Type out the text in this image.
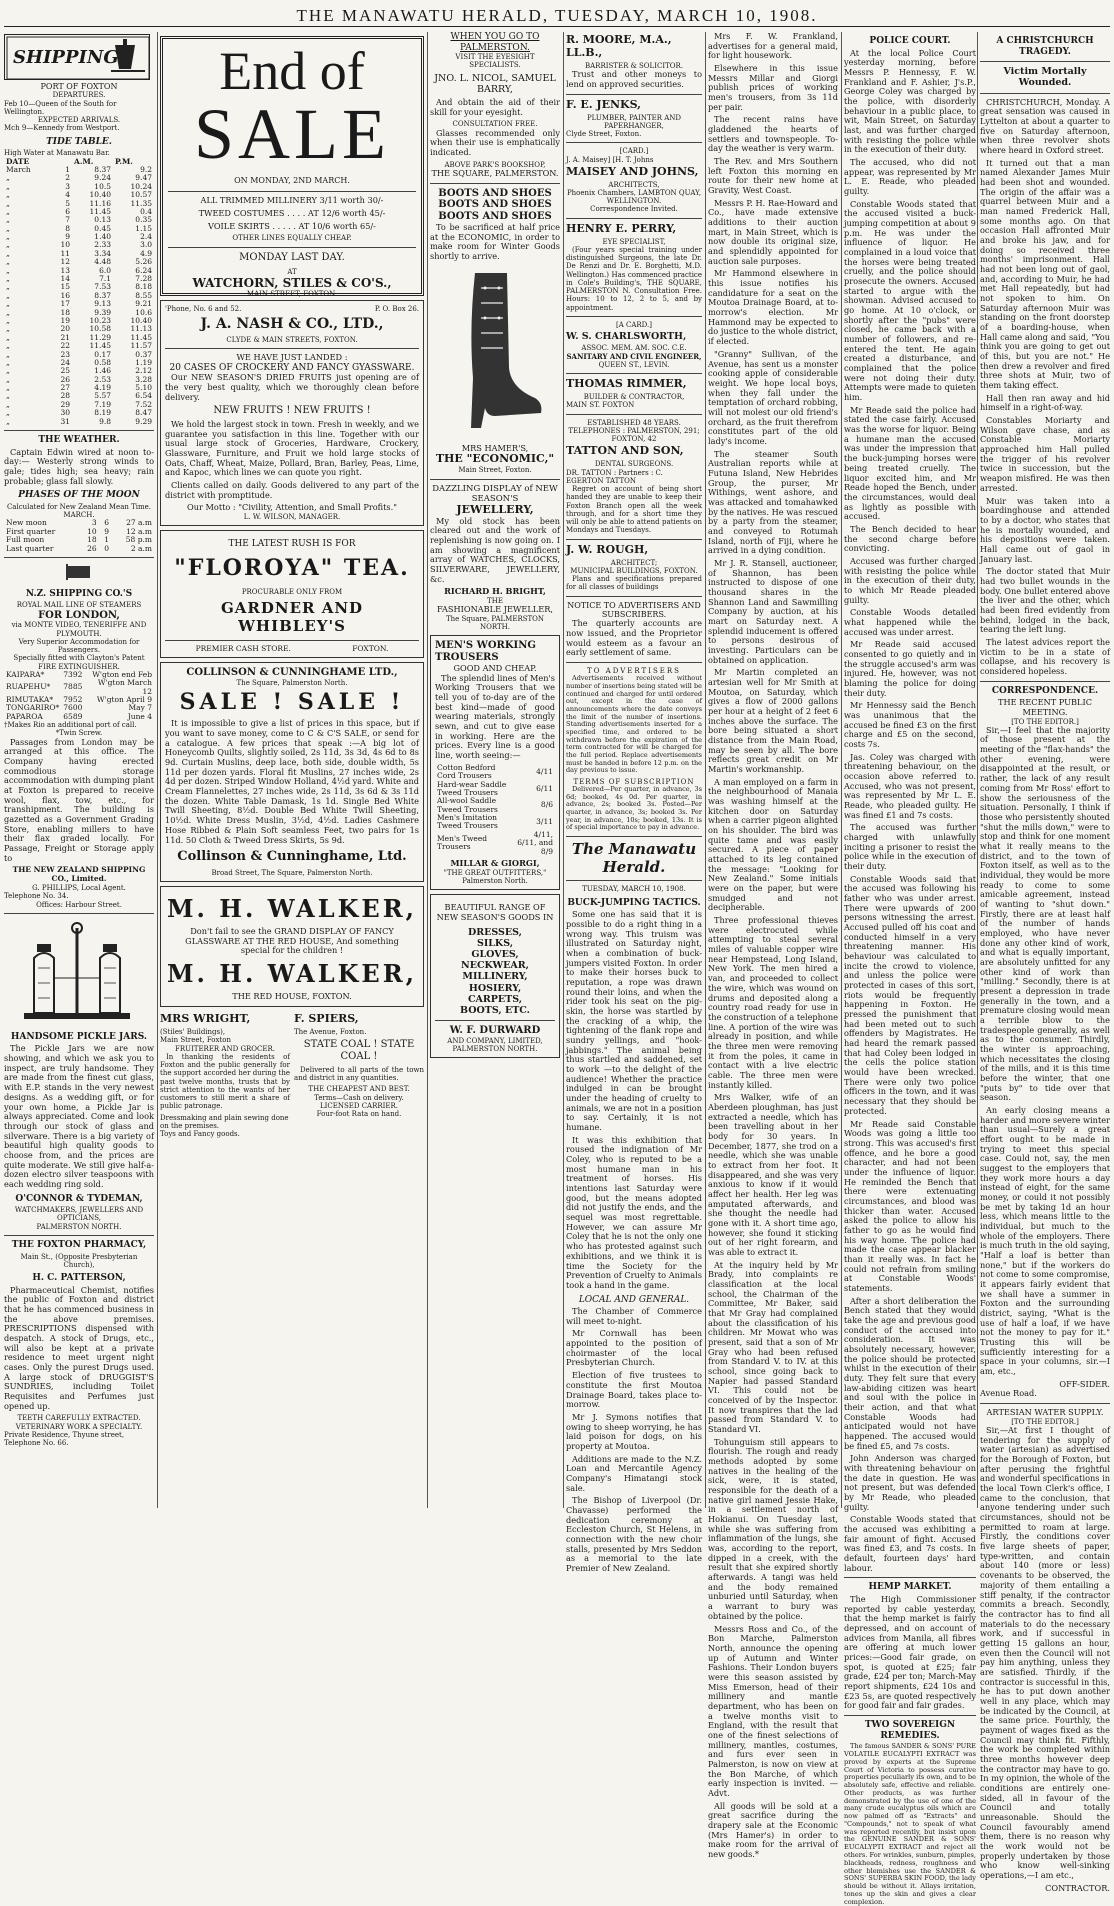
THE MANAWATU HERALD, TUESDAY, MARCH 10, 1908.
SHIPPING
PORT OF FOXTON
DEPARTURES.
Feb 10—Queen of the South for Wellington.
EXPECTED ARRIVALS.
Mch 9—Kennedy from Westport.
TIDE TABLE.
High Water at Manawatu Bar.
DATE		A.M.	P.M.
March	1	8.37	9.2
„	2	9.24	9.47
„	3	10.5	10.24
„	4	10.40	10.57
„	5	11.16	11.35
„	6	11.45	0.4
„	7	0.13	0.35
„	8	0.45	1.15
„	9	1.40	2.4
„	10	2.33	3.0
„	11	3.34	4.9
„	12	4.48	5.26
„	13	6.0	6.24
„	14	7.1	7.28
„	15	7.53	8.18
„	16	8.37	8.55
„	17	9.13	9.21
„	18	9.39	10.6
„	19	10.23	10.40
„	20	10.58	11.13
„	21	11.29	11.45
„	22	11.45	11.57
„	23	0.17	0.37
„	24	0.58	1.19
„	25	1.46	2.12
„	26	2.53	3.28
„	27	4.19	5.10
„	28	5.57	6.54
„	29	7.19	7.52
„	30	8.19	8.47
„	31	9.8	9.29
THE WEATHER.
Captain Edwin wired at noon to-day:— Westerly strong winds to gale; tides high; sea heavy; rain probable; glass fall slowly.
PHASES OF THE MOON
Calculated for New Zealand Mean Time.
MARCH.
New moon	3	6	27 a.m
First quarter	10	9	12 a.m
Full moon	18	1	58 p.m
Last quarter	26	0	2 a.m
N.Z. SHIPPING CO.'S
ROYAL MAIL LINE OF STEAMERS
FOR LONDON,
via MONTE VIDEO, TENERIFFE AND PLYMOUTH.
Very Superior Accommodation for Passengers.
Specially fitted with Clayton's Patent FIRE EXTINGUISHER.
KAIPARA*	7392	W'gton end Feb
RUAPEHU*	7885	W'gton March 12
RIMUTAKA*	7952	W'gton April 9
TONGARIRO*	7600	May 7
PAPAROA	6589	June 4
†Makes Rio an additional port of call.
*Twin Screw.
Passages from London may be arranged at this office. The Company having erected commodious storage accommodation with dumping plant at Foxton is prepared to receive wool, flax, tow, etc., for transhipment. The building is gazetted as a Government Grading Store, enabling millers to have their flax graded locally. For Passage, Freight or Storage apply to
THE NEW ZEALAND SHIPPING CO., Limited.
G. PHILLIPS, Local Agent.
Telephone No. 34.
Offices: Harbour Street.
HANDSOME PICKLE JARS.
The Pickle Jars we are now showing, and which we ask you to inspect, are truly handsome. They are made from the finest cut glass, with E.P. stands in the very newest designs. As a wedding gift, or for your own home, a Pickle Jar is always appreciated. Come and look through our stock of glass and silverware. There is a big variety of beautiful high quality goods to choose from, and the prices are quite moderate. We still give half-a-dozen electro silver teaspoons with each wedding ring sold.
O'CONNOR & TYDEMAN,
WATCHMAKERS, JEWELLERS AND OPTICIANS,
PALMERSTON NORTH.
THE FOXTON PHARMACY,
Main St., (Opposite Presbyterian Church),
H. C. PATTERSON,
Pharmaceutical Chemist, notifies the public of Foxton and district that he has commenced business in the above premises. PRESCRIPTIONS dispensed with despatch. A stock of Drugs, etc., will also be kept at a private residence to meet urgent night cases. Only the purest Drugs used. A large stock of DRUGGIST'S SUNDRIES, including Toilet Requisites and Perfumes just opened up.
TEETH CAREFULLY EXTRACTED.
VETERINARY WORK A SPECIALTY.
Private Residence, Thyune street, Telephone No. 66.
End of
SALE
ON MONDAY, 2ND MARCH.
ALL TRIMMED MILLINERY 3/11 worth 30/-
TWEED COSTUMES . . . . AT 12/6 worth 45/-
VOILE SKIRTS . . . . . AT 10/6 worth 65/-
OTHER LINES EQUALLY CHEAP.
MONDAY LAST DAY.
AT
WATCHORN, STILES & CO'S.,
MAIN STREET, FOXTON.
'Phone, No. 6 and 52.	P. O. Box 26.
J. A. NASH & CO., LTD.,
CLYDE & MAIN STREETS, FOXTON.
WE HAVE JUST LANDED :
20 CASES OF CROCKERY AND FANCY GYASSWARE.
Our NEW SEASON'S DRIED FRUITS just opening are of the very best quality, which we thoroughly clean before delivery.
NEW FRUITS ! NEW FRUITS !
We hold the largest stock in town. Fresh in weekly, and we guarantee you satisfaction in this line. Together with our usual large stock of Groceries, Hardware, Crockery, Glassware, Furniture, and Fruit we hold large stocks of Oats, Chaff, Wheat, Maize, Pollard, Bran, Barley, Peas, Lime, and Kapoc, which lines we can quote you right.
Clients called on daily. Goods delivered to any part of the district with promptitude.
Our Motto : "Civility, Attention, and Small Profits."
L. W. WILSON, MANAGER.
THE LATEST RUSH IS FOR
"FLOROYA" TEA.
PROCURABLE ONLY FROM
GARDNER AND WHIBLEY'S
PREMIER CASH STORE.	FOXTON.
COLLINSON & CUNNINGHAME LTD.,
The Square, Palmerston North.
SALE ! SALE !
It is impossible to give a list of prices in this space, but if you want to save money, come to C & C'S SALE, or send for a catalogue. A few prices that speak :—A big lot of Honeycomb Quilts, slightly soiled, 2s 11d, 3s 3d, 4s 6d to 8s 9d. Curtain Muslins, deep lace, both side, double width, 5s 11d per dozen yards. Floral fit Muslins, 27 inches wide, 2s 4d per dozen. Striped Window Holland, 4½d yard. White and Cream Flannelettes, 27 inches wide, 2s 11d, 3s 6d & 3s 11d the dozen. White Table Damask, 1s 1d. Single Bed White Twill Sheeting, 8½d. Double Bed White Twill Sheeting, 10½d. White Dress Muslin, 3½d, 4½d. Ladies Cashmere Hose Ribbed & Plain Soft seamless Feet, two pairs for 1s 11d. 50 Cloth & Tweed Dress Skirts, 5s 9d.
Collinson & Cunninghame, Ltd.
Broad Street, The Square, Palmerston North.
M. H. WALKER,
Don't fail to see the GRAND DISPLAY OF FANCY GLASSWARE AT THE RED HOUSE, And something special for the children !
M. H. WALKER,
THE RED HOUSE, FOXTON.
MRS WRIGHT,
(Stiles' Buildings),
Main Street, Foxton
FRUITERER AND GROCER.
In thanking the residents of Foxton and the public generally for the support accorded her during the past twelve months, trusts that by strict attention to the wants of her customers to still merit a share of public patronage.
Dressmaking and plain sewing done on the premises.
Toys and Fancy goods.
F. SPIERS,
The Avenue, Foxton.
STATE COAL ! STATE COAL !
Delivered to all parts of the town and district in any quantities.
THE CHEAPEST AND BEST.
Terms—Cash on delivery.
LICENSED CARRIER.
Four-foot Rata on hand.
WHEN YOU GO TO PALMERSTON.
VISIT THE EYESIGHT SPECIALISTS.
JNO. L. NICOL, SAMUEL BARRY,
And obtain the aid of their skill for your eyesight.
CONSULTATION FREE.
Glasses recommended only when their use is emphatically indicated.
ABOVE PARK'S BOOKSHOP,
THE SQUARE, PALMERSTON.
BOOTS AND SHOES
BOOTS AND SHOES
BOOTS AND SHOES
To be sacrificed at half price at the ECONOMIC, in order to make room for Winter Goods shortly to arrive.
MRS HAMER'S,
THE "ECONOMIC,"
Main Street, Foxton.
DAZZLING DISPLAY of NEW SEASON'S
JEWELLERY,
My old stock has been cleared out and the work of replenishing is now going on. I am showing a magnificent array of WATCHES, CLOCKS, SILVERWARE, JEWELLERY, &c.
RICHARD H. BRIGHT,
THE
FASHIONABLE JEWELLER,
The Square, PALMERSTON NORTH.
MEN'S WORKING TROUSERS
GOOD AND CHEAP.
The splendid lines of Men's Working Trousers that we tell you of to-day are of the best kind—made of good wearing materials, strongly sewn, and cut to give ease in working. Here are the prices. Every line is a good line, worth seeing:—
Cotton Bedford Cord Trousers	4/11
Hard-wear Saddle Tweed Trousers	6/11
All-wool Saddle Tweed Trousers	8/6
Men's Imitation Tweed Trousers	3/11
Men's Tweed Trousers	4/11, 6/11, and 8/9
MILLAR & GIORGI,
"THE GREAT OUTFITTERS,"
Palmerston North.
BEAUTIFUL RANGE OF NEW SEASON'S GOODS IN
DRESSES,
SILKS,
GLOVES,
NECKWEAR,
MILLINERY,
HOSIERY,
CARPETS,
BOOTS, ETC.
W. F. DURWARD
AND COMPANY, LIMITED,
PALMERSTON NORTH.
R. MOORE, M.A., LL.B.,
BARRISTER & SOLICITOR.
Trust and other moneys to lend on approved securities.
F. E. JENKS,
PLUMBER, PAINTER AND PAPERHANGER,
Clyde Street, Foxton.
[CARD.]
J. A. Maisey] [H. T. Johns
MAISEY AND JOHNS,
ARCHITECTS,
Phoenix Chambers, LAMBTON QUAY, WELLINGTON.
Correspondence Invited.
HENRY E. PERRY,
EYE SPECIALIST,
(Four years special training under distinguished Surgeons, the late Dr. De Renzi and Dr. E. Borghetti, M.D. Wellington.) Has commenced practice in Cole's Building's, THE SQUARE, PALMERSTON N. Consultation Free. Hours: 10 to 12, 2 to 5, and by appointment.
[A CARD.]
W. S. CHARLSWORTH,
ASSOC. MEM. AM. SOC. C.E.
SANITARY AND CIVIL ENGINEER,
QUEEN ST., LEVIN.
THOMAS RIMMER,
BUILDER & CONTRACTOR,
MAIN ST. FOXTON
ESTABLISHED 48 YEARS.
TELEPHONES : PALMERSTON, 291; FOXTON, 42
TATTON AND SON,
DENTAL SURGEONS.
DR. TATTON : Partners : C. EGERTON TATTON
Regret on account of being short handed they are unable to keep their Foxton Branch open all the week through, and for a short time they will only be able to attend patients on Mondays and Tuesdays.
J. W. ROUGH,
ARCHITECT;
MUNICIPAL BUILDINGS, FOXTON.
Plans and specifications prepared for all classes of buildings
NOTICE TO ADVERTISERS AND SUBSCRIBERS.
The quarterly accounts are now issued, and the Proprietor would esteem as a favour an early settlement of same.
TO ADVERTISERS
Advertisements received without number of insertions being stated will be continued and charged for until ordered out, except in the case of announcements where the date conveys the limit of the number of insertions. Standing advertisements inserted for a specified time, and ordered to be withdrawn before the expiration of the term contracted for will be charged for the full period. Replace advertisements must be handed in before 12 p.m. on the day previous to issue.
TERMS OF SUBSCRIPTION
Delivered—Per quarter, in advance, 3s 6d; booked, 4s 0d. Per quarter, in advance, 2s; booked 3s. Posted—Per quarter, in advance, 3s; booked 3s. Per year, in advance, 10s; booked, 13s. It is of special importance to pay in advance.
The Manawatu Herald.
TUESDAY, MARCH 10, 1908.
BUCK-JUMPING TACTICS.
Some one has said that it is possible to do a right thing in a wrong way. This truism was illustrated on Saturday night, when a combination of buck-jumpers visited Foxton. In order to make their horses buck to reputation, a rope was drawn round their loins, and when the rider took his seat on the pig-skin, the horse was startled by the cracking of a whip, the tightening of the flank rope and sundry yellings, and "hook-jabbings." The animal being thus startled and saddened, set to work —to the delight of the audience! Whether the practice indulged in can be brought under the heading of cruelty to animals, we are not in a position to say. Certainly, it is not humane.
It was this exhibition that roused the indignation of Mr Coley, who is reputed to be a most humane man in his treatment of horses. His intentions last Saturday were good, but the means adopted did not justify the ends, and the sequel was most regrettable. However, we can assure Mr Coley that he is not the only one who has protested against such exhibitions, and we think it is time the Society for the Prevention of Cruelty to Animals took a hand in the game.
LOCAL AND GENERAL.
The Chamber of Commerce will meet to-night.
Mr Cornwall has been appointed to the position of choirmaster of the local Presbyterian Church.
Election of five trustees to constitute the first Moutoa Drainage Board, takes place to-morrow.
Mr J. Symons notifies that owing to sheep worrying, he has laid poison for dogs, on his property at Moutoa.
Additions are made to the N.Z. Loan and Mercantile Agency Company's Himatangi stock sale.
The Bishop of Liverpool (Dr. Chavasse) performed the dedication ceremony at Eccleston Church, St Helens, in connection with the new choir stalls, presented by Mrs Seddon as a memorial to the late Premier of New Zealand.
Mrs F. W. Frankland, advertises for a general maid, for light housework.
Elsewhere in this issue Messrs Millar and Giorgi publish prices of working men's trousers, from 3s 11d per pair.
The recent rains have gladdened the hearts of settlers and townspeople. To-day the weather is very warm.
The Rev. and Mrs Southern left Foxton this morning en route for their new home at Gravity, West Coast.
Messrs P. H. Rae-Howard and Co., have made extensive additions to their auction mart, in Main Street, which is now double its original size, and splendidly appointed for auction sale purposes.
Mr Hammond elsewhere in this issue notifies his candidature for a seat on the Moutoa Drainage Board, at to-morrow's election. Mr Hammond may be expected to do justice to the whole district, if elected.
"Granny" Sullivan, of the Avenue, has sent us a monster cooking apple of considerable weight. We hope local boys, when they fall under the temptation of orchard robbing, will not molest our old friend's orchard, as the fruit therefrom constitutes part of the old lady's income.
The steamer South Australian reports while at Futuna Island, New Hebrides Group, the purser, Mr Withings, went ashore, and was attacked and tomahawked by the natives. He was rescued by a party from the steamer, and conveyed to Rotumah Island, north of Fiji, where he arrived in a dying condition.
Mr J. R. Stansell, auctioneer, of Shannon, has been instructed to dispose of one thousand shares in the Shannon Land and Sawmilling Company by auction, at his mart on Saturday next. A splendid inducement is offered to persons desirous of investing. Particulars can be obtained on application.
Mr Martin completed an artesian well for Mr Smith at Moutoa, on Saturday, which gives a flow of 2000 gallons per hour at a height of 2 feet 6 inches above the surface. The bore being situated a short distance from the Main Road, may be seen by all. The bore reflects great credit on Mr Martin's workmanship.
A man employed on a farm in the neighbourhood of Manaia was washing himself at the kitchen door on Saturday when a carrier pigeon alighted on his shoulder. The bird was quite tame and was easily secured. A piece of paper attached to its leg contained the message: "Looking for New Zealand." Some initials were on the paper, but were smudged and not decipherable.
Three professional thieves were electrocuted while attempting to steal several miles of valuable copper wire near Hempstead, Long Island, New York. The men hired a van, and proceeded to collect the wire, which was wound on drums and deposited along a country road ready for use in the construction of a telephone line. A portion of the wire was already in position, and while the three men were removing it from the poles, it came in contact with a live electric cable. The three men were instantly killed.
Mrs Walker, wife of an Aberdeen ploughman, has just extracted a needle, which has been travelling about in her body for 30 years. In December, 1877, she trod on a needle, which she was unable to extract from her foot. It disappeared, and she was very anxious to know if it would affect her health. Her leg was amputated afterwards, and she thought the needle had gone with it. A short time ago, however, she found it sticking out of her right forearm, and was able to extract it.
At the inquiry held by Mr Brady, into complaints re classification at the local school, the Chairman of the Committee, Mr Baker, said that Mr Gray had complained about the classification of his children. Mr Mowat who was present, said that a son of Mr Gray who had been refused from Standard V. to IV. at this school, since going back to Napier had passed Standard VI. This could not be conceived of by the Inspector. It now transpires that the lad passed from Standard V. to Standard VI.
Tohunguism still appears to flourish. The rough and ready methods adopted by some natives in the healing of the sick, were, it is stated, responsible for the death of a native girl named Jessie Hake, in a settlement north of Hokianui. On Tuesday last, while she was suffering from inflammation of the lungs, she was, according to the report, dipped in a creek, with the result that she expired shortly afterwards. A tangi was held and the body remained unburied until Saturday, when a warrant to bury was obtained by the police.
Messrs Ross and Co., of the Bon Marche, Palmerston North, announce the opening up of Autumn and Winter Fashions. Their London buyers were this season assisted by Miss Emerson, head of their millinery and mantle department, who has been on a twelve months visit to England, with the result that one of the finest selections of millinery, mantles, costumes, and furs ever seen in Palmerston, is now on view at the Bon Marche, of which early inspection is invited. —Advt.
All goods will be sold at a great sacrifice during the drapery sale at the Economic (Mrs Hamer's) in order to make room for the arrival of new goods.*
POLICE COURT.
At the local Police Court yesterday morning, before Messrs P. Hennessy, F. W. Frankland and F. Ashier, J's.P., George Coley was charged by the police, with disorderly behaviour in a public place, to wit, Main Street, on Saturday last, and was further charged with resisting the police while in the execution of their duty.
The accused, who did not appear, was represented by Mr L. E. Reade, who pleaded guilty.
Constable Woods stated that the accused visited a buck-jumping competition at about 9 p.m. He was under the influence of liquor. He complained in a loud voice that the horses were being treated cruelly, and the police should prosecute the owners. Accused started to argue with the showman. Advised accused to go home. At 10 o'clock, or shortly after the "pubs" were closed, he came back with a number of followers, and re-entered the tent. He again created a disturbance, and complained that the police were not doing their duty. Attempts were made to quieten him.
Mr Reade said the police had stated the case fairly. Accused was the worse for liquor. Being a humane man the accused was under the impression that the buck-jumping horses were being treated cruelly. The liquor excited him, and Mr Reade hoped the Bench, under the circumstances, would deal as lightly as possible with accused.
The Bench decided to hear the second charge before convicting.
Accused was further charged with resisting the police while in the execution of their duty, to which Mr Reade pleaded guilty.
Constable Woods detailed what happened while the accused was under arrest.
Mr Reade said accused consented to go quietly and in the struggle accused's arm was injured. He, however, was not blaming the police for doing their duty.
Mr Hennessy said the Bench was unanimous that the accused be fined £3 on the first charge and £5 on the second, costs 7s.
Jas. Coley was charged with threatening behaviour, on the occasion above referred to. Accused, who was not present, was represented by Mr L. E. Reade, who pleaded guilty. He was fined £1 and 7s costs.
The accused was further charged with unlawfully inciting a prisoner to resist the police while in the execution of their duty.
Constable Woods said that the accused was following his father who was under arrest. There were upwards of 200 persons witnessing the arrest. Accused pulled off his coat and conducted himself in a very threatening manner. His behaviour was calculated to incite the crowd to violence, and unless the police were protected in cases of this sort, riots would be frequently happening in Foxton. He pressed the punishment that had been meted out to such offenders by Magistrates. He had heard the remark passed that had Coley been lodged in the cells the police station would have been wrecked. There were only two police officers in the town, and it was necessary that they should be protected.
Mr Reade said Constable Woods was going a little too strong. This was accused's first offence, and he bore a good character, and had not been under the influence of liquor. He reminded the Bench that there were extenuating circumstances, and blood was thicker than water. Accused asked the police to allow his father to go as he would find his way home. The police had made the case appear blacker than it really was. In fact he could not refrain from smiling at Constable Woods' statements.
After a short deliberation the Bench stated that they would take the age and previous good conduct of the accused into consideration. It was absolutely necessary, however, the police should be protected whilst in the execution of their duty. They felt sure that every law-abiding citizen was heart and soul with the police in their action, and that what Constable Woods had anticipated would not have happened. The accused would be fined £5, and 7s costs.
John Anderson was charged with threatening behaviour on the date in question. He was not present, but was defended by Mr Reade, who pleaded guilty.
Constable Woods stated that the accused was exhibiting a fair amount of fight. Accused was fined £3, and 7s costs. In default, fourteen days' hard labour.
HEMP MARKET.
The High Commissioner reported by cable yesterday, that the hemp market is fairly depressed, and on account of advices from Manila, all fibres are offering at much lower prices:—Good fair grade, on spot, is quoted at £25; fair grade, £24 per ton; March-May report shipments, £24 10s and £23 5s, are quoted respectively for good fair and fair grades.
TWO SOVEREIGN REMEDIES.
The famous SANDER & SONS' PURE VOLATILE EUCALYPTI EXTRACT was proved by experts at the Supreme Court of Victoria to possess curative properties peculiarly its own, and to be absolutely safe, effective and reliable. Other products, as was further demonstrated by the use of one of the many crude eucalyptus oils which are now palmed off as "Extracts" and "Compounds," not to speak of what was reported recently, but insist upon the GENUINE SANDER & SONS' EUCALYPTI EXTRACT and reject all others. For wrinkles, sunburn, pimples, blackheads, redness, roughness and other blemishes use the SANDER & SONS' SUPERBA SKIN FOOD, the lady should be without it. Allays irritation, tones up the skin and gives a clear complexion.
A CHRISTCHURCH TRAGEDY.
Victim Mortally Wounded.
CHRISTCHURCH, Monday. A great sensation was caused in Lyttelton at about a quarter to five on Saturday afternoon, when three revolver shots where heard in Oxford street.
It turned out that a man named Alexander James Muir had been shot and wounded. The origin of the affair was a quarrel between Muir and a man named Frederick Hall, some months ago. On that occasion Hall affronted Muir and broke his jaw, and for doing so received three months' imprisonment. Hall had not been long out of gaol, and, according to Muir, he had met Hall repeatedly, but had not spoken to him. On Saturday afternoon Muir was standing on the front doorstep of a boarding-house, when Hall came along and said, "You think you are going to get out of this, but you are not." He then drew a revolver and fired three shots at Muir, two of them taking effect.
Hall then ran away and hid himself in a right-of-way.
Constables Moriarty and Wilson gave chase, and as Constable Moriarty approached him Hall pulled the trigger of his revolver twice in succession, but the weapon misfired. He was then arrested.
Muir was taken into a boardinghouse and attended to by a doctor, who states that he is mortally wounded, and his depositions were taken. Hall came out of gaol in January last.
The doctor stated that Muir had two bullet wounds in the body. One bullet entered above the liver and the other, which had been fired evidently from behind, lodged in the back, tearing the left lung.
The latest advices report the victim to be in a state of collapse, and his recovery is considered hopeless.
CORRESPONDENCE.
THE RECENT PUBLIC MEETING.
[TO THE EDITOR.]
Sir,—I feel that the majority of those present at the meeting of the "flax-hands" the other evening, were disappointed at the result, or rather, the lack of any result coming from Mr Ross' effort to show the seriousness of the situation. Personally, I think if those who persistently shouted "shut the mills down," were to stop and think for one moment what it really means to the district, and to the town of Foxton itself, as well as to the individual, they would be more ready to come to some amicable agreement, instead of wanting to "shut down." Firstly, there are at least half of the number of hands employed, who have never done any other kind of work, and what is equally important, are absolutely unfitted for any other kind of work than "milling." Secondly, there is at present a depression in trade generally in the town, and a premature closing would mean a terrible blow to the tradespeople generally, as well as to the consumer. Thirdly, the winter is approaching, which necessitates the closing of the mills, and it is this time before the winter, that one "puts by" to tide over that season.
An early closing means a harder and more severe winter than usual—Surely a great effort ought to be made in trying to meet this special case. Could not, say, the men suggest to the employers that they work more hours a day instead of eight, for the same money, or could it not possibly be met by taking 1d an hour less, which means little to the individual, but much to the whole of the employers. There is much truth in the old saying, "Half a loaf is better than none," but if the workers do not come to some compromise, it appears fairly evident that we shall have a summer in Foxton and the surrounding district, saying, "What is the use of half a loaf, if we have not the money to pay for it." Trusting this will be sufficiently interesting for a space in your columns, sir.—I am, etc.,
OFF-SIDER.
Avenue Road.
ARTESIAN WATER SUPPLY.
[TO THE EDITOR.]
Sir,—At first I thought of tendering for the supply of water (artesian) as advertised for the Borough of Foxton, but after perusing the frightful and wonderful specifications in the local Town Clerk's office, I came to the conclusion, that anyone tendering under such circumstances, should not be permitted to roam at large. Firstly, the conditions cover five large sheets of paper, type-written, and contain about 140 (more or less) covenants to be observed, the majority of them entailing a stiff penalty, if the contractor commits a breach. Secondly, the contractor has to find all materials to do the necessary work, and if successful in getting 15 gallons an hour, even then the Council will not pay him anything, unless they are satisfied. Thirdly, if the contractor is successful in this, he has to put down another well in any place, which may be indicated by the Council, at the same price. Fourthly, the payment of wages fixed as the Council may think fit. Fifthly, the work be completed within three months however deep the contractor may have to go. In my opinion, the whole of the conditions are entirely one-sided, all in favour of the Council and totally unreasonable. Should the Council favourably amend them, there is no reason why the work would not be properly undertaken by those who know well-sinking operations,—I am etc.,
CONTRACTOR.
